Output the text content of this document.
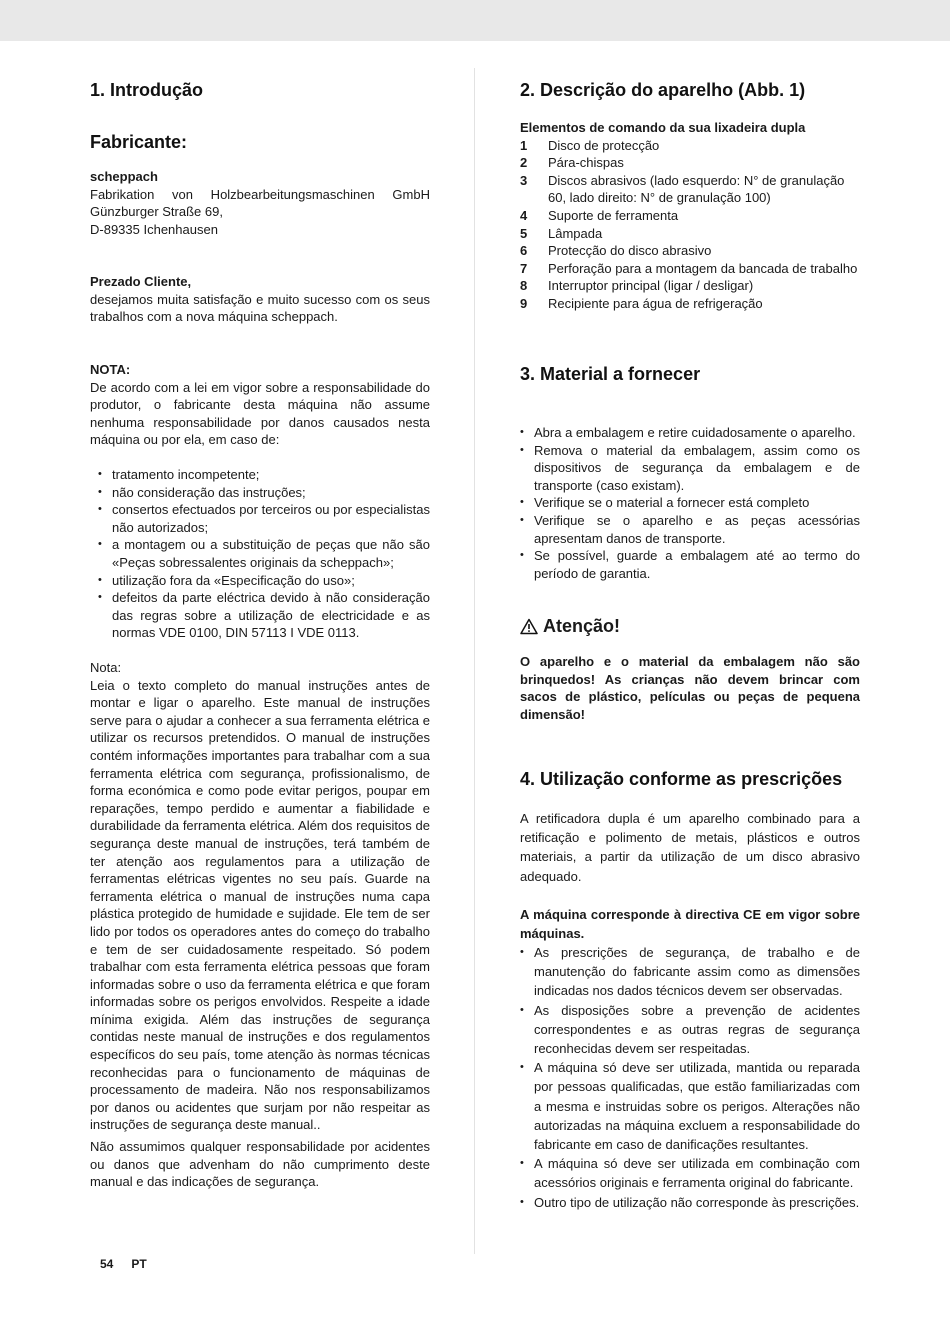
1. Introdução
Fabricante:

scheppach

Fabrikation von Holzbearbeitungsmaschinen GmbH

Günzburger Straße 69,

D-89335 Ichenhausen

Prezado Cliente,

desejamos muita satisfação e muito sucesso com os seus trabalhos com a nova máquina scheppach.

NOTA:

De acordo com a lei em vigor sobre a responsabilidade do produtor, o fabricante desta máquina não assume nenhuma responsabilidade por danos causados nesta máquina ou por ela, em caso de:

• tratamento incompetente;
• não consideração das instruções;
• consertos efectuados por terceiros ou por especialistas não autorizados;
• a montagem ou a substituição de peças que não são «Peças sobressalentes originais da scheppach»;
• utilização fora da «Especificação do uso»;
• defeitos da parte eléctrica devido à não consideração das regras sobre a utilização de electricidade e as normas VDE 0100, DIN 57113 I VDE 0113.

Nota:

Leia o texto completo do manual instruções antes de montar e ligar o aparelho. Este manual de instruções serve para o ajudar a conhecer a sua ferramenta elétrica e utilizar os recursos pretendidos. O manual de instruções contém informações importantes para trabalhar com a sua ferramenta elétrica com segurança, profissionalismo, de forma económica e como pode evitar perigos, poupar em reparações, tempo perdido e aumentar a fiabilidade e durabilidade da ferramenta elétrica. Além dos requisitos de segurança deste manual de instruções, terá também de ter atenção aos regulamentos para a utilização de ferramentas elétricas vigentes no seu país. Guarde na ferramenta elétrica o manual de instruções numa capa plástica protegido de humidade e sujidade. Ele tem de ser lido por todos os operadores antes do começo do trabalho e tem de ser cuidadosamente respeitado. Só podem trabalhar com esta ferramenta elétrica pessoas que foram informadas sobre o uso da ferramenta elétrica e que foram informadas sobre os perigos envolvidos. Respeite a idade mínima exigida. Além das instruções de segurança contidas neste manual de instruções e dos regulamentos específicos do seu país, tome atenção às normas técnicas reconhecidas para o funcionamento de máquinas de processamento de madeira. Não nos responsabilizamos por danos ou acidentes que surjam por não respeitar as instruções de segurança deste manual..

Não assumimos qualquer responsabilidade por acidentes ou danos que advenham do não cumprimento deste manual e das indicações de segurança.

2. Descrição do aparelho (Abb. 1)

Elementos de comando da sua lixadeira dupla

1	Disco de protecção
2	Pára-chispas
3	Discos abrasivos (lado esquerdo: N° de granulação 60, lado direito: N° de granulação 100)
4	Suporte de ferramenta
5	Lâmpada
6	Protecção do disco abrasivo
7	Perforação para a montagem da bancada de trabalho
8	Interruptor principal (ligar / desligar)
9	Recipiente para água de refrigeração
3. Material a fornecer
• Abra a embalagem e retire cuidadosamente o aparelho.
• Remova o material da embalagem, assim como os dispositivos de segurança da embalagem e de transporte (caso existam).
• Verifique se o material a fornecer está completo
• Verifique se o aparelho e as peças acessórias apresentam danos de transporte.
• Se possível, guarde a embalagem até ao termo do período de garantia.
Atenção!

O aparelho e o material da embalagem não são brinquedos! As crianças não devem brincar com sacos de plástico, películas ou peças de pequena dimensão!

4. Utilização conforme as prescrições

A retificadora dupla é um aparelho combinado para a retificação e polimento de metais, plásticos e outros materiais, a partir da utilização de um disco abrasivo adequado.

A máquina corresponde à directiva CE em vigor sobre máquinas.

• As prescrições de segurança, de trabalho e de manutenção do fabricante assim como as dimensões indicadas nos dados técnicos devem ser observadas.
• As disposições sobre a prevenção de acidentes correspondentes e as outras regras de segurança reconhecidas devem ser respeitadas.
• A máquina só deve ser utilizada, mantida ou reparada por pessoas qualificadas, que estão familiarizadas com a mesma e instruidas sobre os perigos. Alterações não autorizadas na máquina excluem a responsabilidade do fabricante em caso de danificações resultantes.
• A máquina só deve ser utilizada em combinação com acessórios originais e ferramenta original do fabricante.
• Outro tipo de utilização não corresponde às prescrições.
54 PT
